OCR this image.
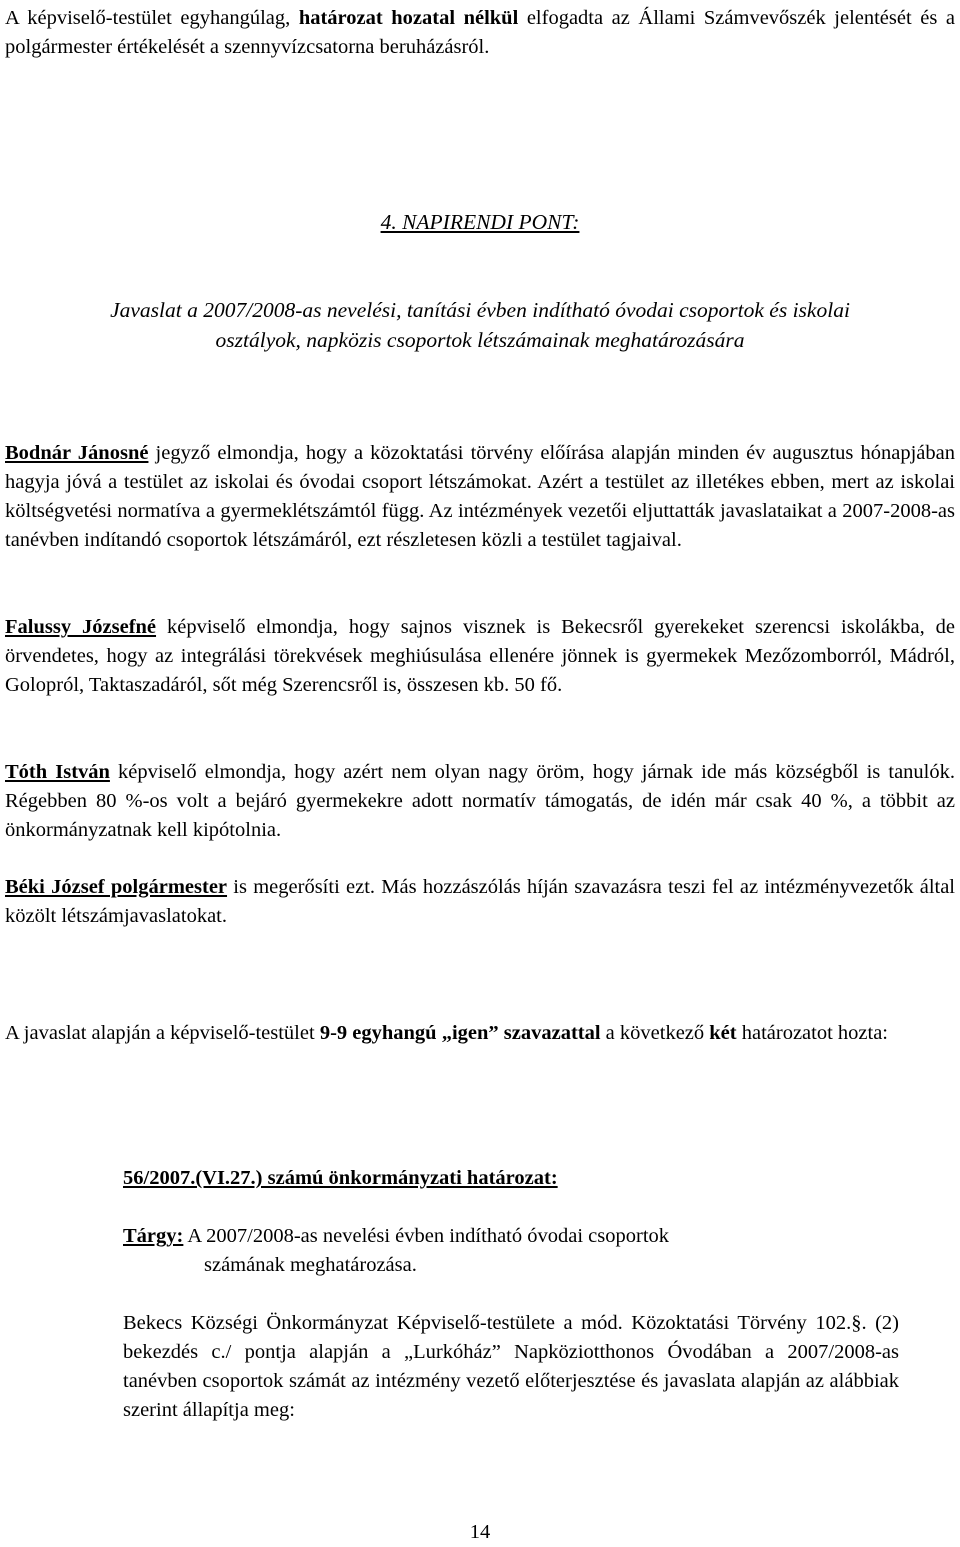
A képviselő-testület egyhangúlag, határozat hozatal nélkül elfogadta az Állami Számvevőszék jelentését és a polgármester értékelését a szennyvízcsatorna beruházásról.
4. NAPIRENDI PONT:
Javaslat a 2007/2008-as nevelési, tanítási évben indítható óvodai csoportok és iskolai
osztályok, napközis csoportok létszámainak meghatározására
Bodnár Jánosné jegyző elmondja, hogy a közoktatási törvény előírása alapján minden év augusztus hónapjában hagyja jóvá a testület az iskolai és óvodai csoport létszámokat. Azért a testület az illetékes ebben, mert az iskolai költségvetési normatíva a gyermeklétszámtól függ. Az intézmények vezetői eljuttatták javaslataikat a 2007-2008-as tanévben indítandó csoportok létszámáról, ezt részletesen közli a testület tagjaival.
Falussy Józsefné képviselő elmondja, hogy sajnos visznek is Bekecsről gyerekeket szerencsi iskolákba, de örvendetes, hogy az integrálási törekvések meghiúsulása ellenére jönnek is gyermekek Mezőzomborról, Mádról, Golopról, Taktaszadáról, sőt még Szerencsről is, összesen kb. 50 fő.
Tóth István képviselő elmondja, hogy azért nem olyan nagy öröm, hogy járnak ide más községből is tanulók. Régebben 80 %-os volt a bejáró gyermekekre adott normatív támogatás, de idén már csak 40 %, a többit az önkormányzatnak kell kipótolnia.
Béki József polgármester is megerősíti ezt. Más hozzászólás híján szavazásra teszi fel az intézményvezetők által közölt létszámjavaslatokat.
A javaslat alapján a képviselő-testület 9-9 egyhangú „igen” szavazattal a következő két határozatot hozta:
56/2007.(VI.27.) számú önkormányzati határozat:
Tárgy: A 2007/2008-as nevelési évben indítható óvodai csoportok
számának meghatározása.
Bekecs Községi Önkormányzat Képviselő-testülete a mód. Közoktatási Törvény 102.§. (2) bekezdés c./ pontja alapján a „Lurkóház” Napköziotthonos Óvodában a 2007/2008-as tanévben csoportok számát az intézmény vezető előterjesztése és javaslata alapján az alábbiak szerint állapítja meg:
14
